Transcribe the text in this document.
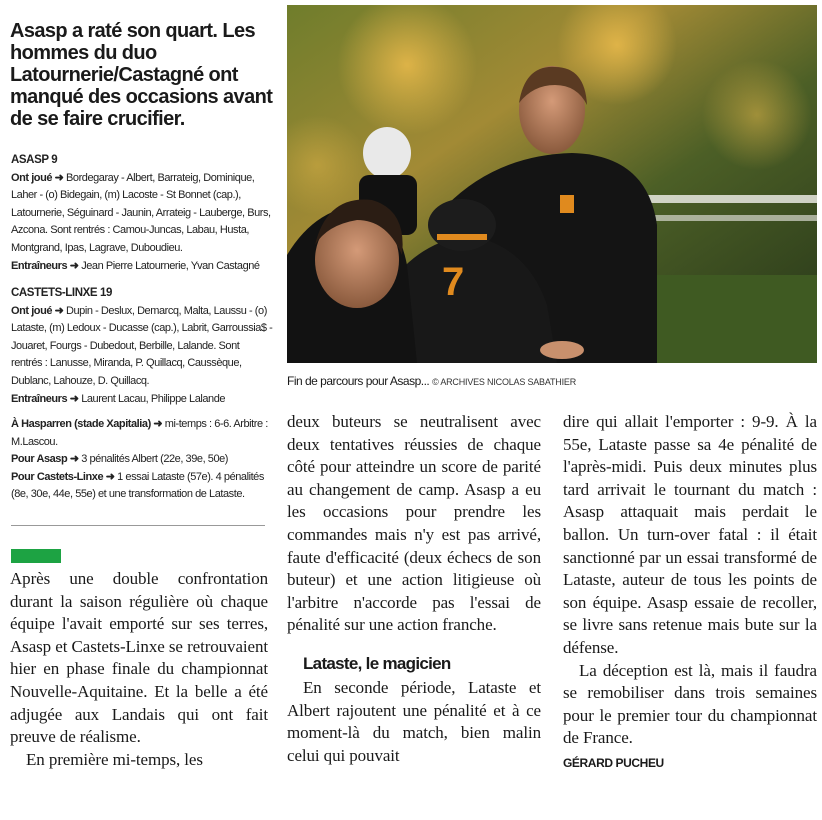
Asasp a raté son quart. Les hommes du duo Latournerie/Castagné ont manqué des occasions avant de se faire crucifier.
ASASP 9
Ont joué ➜ Bordegaray - Albert, Barrateig, Dominique, Laher - (o) Bidegain, (m) Lacoste - St Bonnet (cap.), Latournerie, Séguinard - Jaunin, Arrateig - Lauberge, Burs, Azcona. Sont rentrés : Camou-Juncas, Labau, Husta, Montgrand, Ipas, Lagrave, Duboudieu.
Entraîneurs ➜ Jean Pierre Latournerie, Yvan Castagné
CASTETS-LINXE 19
Ont joué ➜ Dupin - Deslux, Demarcq, Malta, Laussu - (o) Lataste, (m) Ledoux - Ducasse (cap.), Labrit, Garroussia$ - Jouaret, Fourgs - Dubedout, Berbille, Lalande. Sont rentrés : Lanusse, Miranda, P. Quillacq, Caussèque, Dublanc, Lahouze, D. Quillacq.
Entraîneurs ➜ Laurent Lacau, Philippe Lalande
À Hasparren (stade Xapitalia) ➜ mi-temps : 6-6. Arbitre : M.Lascou.
Pour Asasp ➜ 3 pénalités Albert (22e, 39e, 50e)
Pour Castets-Linxe ➜ 1 essai Lataste (57e). 4 pénalités (8e, 30e, 44e, 55e) et une transformation de Lataste.

Après une double confrontation durant la saison régulière où chaque équipe l'avait emporté sur ses terres, Asasp et Castets-Linxe se retrouvaient hier en phase finale du championnat Nouvelle-Aquitaine. Et la belle a été adjugée aux Landais qui ont fait preuve de réalisme.

En première mi-temps, les

7
Fin de parcours pour Asasp... © ARCHIVES NICOLAS SABATHIER

deux buteurs se neutralisent avec deux tentatives réussies de chaque côté pour atteindre un score de parité au changement de camp. Asasp a eu les occasions pour prendre les commandes mais n'y est pas arrivé, faute d'efficacité (deux échecs de son buteur) et une action litigieuse où l'arbitre n'accorde pas l'essai de pénalité sur une action franche.

Lataste, le magicien

En seconde période, Lataste et Albert rajoutent une pénalité et à ce moment-là du match, bien malin celui qui pouvait

dire qui allait l'emporter : 9-9. À la 55e, Lataste passe sa 4e pénalité de l'après-midi. Puis deux minutes plus tard arrivait le tournant du match : Asasp attaquait mais perdait le ballon. Un turn-over fatal : il était sanctionné par un essai transformé de Lataste, auteur de tous les points de son équipe. Asasp essaie de recoller, se livre sans retenue mais bute sur la défense.

La déception est là, mais il faudra se remobiliser dans trois semaines pour le premier tour du championnat de France.

GÉRARD PUCHEU
